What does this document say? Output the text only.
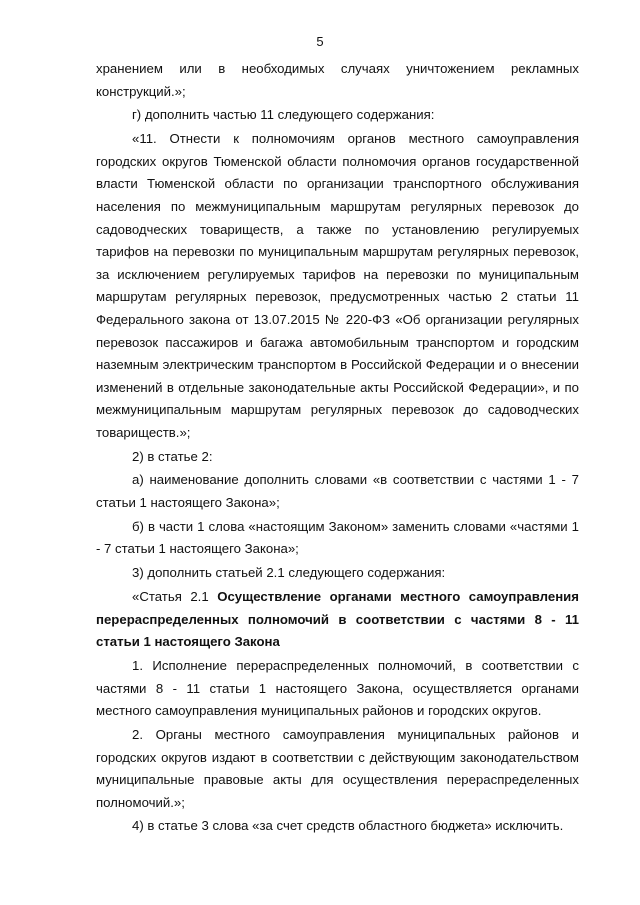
5
хранением или в необходимых случаях уничтожением рекламных
конструкций.»;

г) дополнить частью 11 следующего содержания:

«11. Отнести к полномочиям органов местного самоуправления городских округов Тюменской области полномочия органов государственной власти Тюменской области по организации транспортного обслуживания населения по межмуниципальным маршрутам регулярных перевозок до садоводческих товариществ, а также по установлению регулируемых тарифов на перевозки по муниципальным маршрутам регулярных перевозок, за исключением регулируемых тарифов на перевозки по муниципальным маршрутам регулярных перевозок, предусмотренных частью 2 статьи 11 Федерального закона от 13.07.2015 № 220-ФЗ «Об организации регулярных перевозок пассажиров и багажа автомобильным транспортом и городским наземным электрическим транспортом в Российской Федерации и о внесении изменений в отдельные законодательные акты Российской Федерации», и по межмуниципальным маршрутам регулярных перевозок до садоводческих товариществ.»;

2) в статье 2:

а) наименование дополнить словами «в соответствии с частями 1 - 7 статьи 1 настоящего Закона»;

б) в части 1 слова «настоящим Законом» заменить словами «частями 1 - 7 статьи 1 настоящего Закона»;

3) дополнить статьей 2.1 следующего содержания:

«Статья 2.1 Осуществление органами местного самоуправления перераспределенных полномочий в соответствии с частями 8 - 11 статьи 1 настоящего Закона

1. Исполнение перераспределенных полномочий, в соответствии с частями 8 - 11 статьи 1 настоящего Закона, осуществляется органами местного самоуправления муниципальных районов и городских округов.

2. Органы местного самоуправления муниципальных районов и городских округов издают в соответствии с действующим законодательством муниципальные правовые акты для осуществления перераспределенных полномочий.»;

4) в статье 3 слова «за счет средств областного бюджета» исключить.
